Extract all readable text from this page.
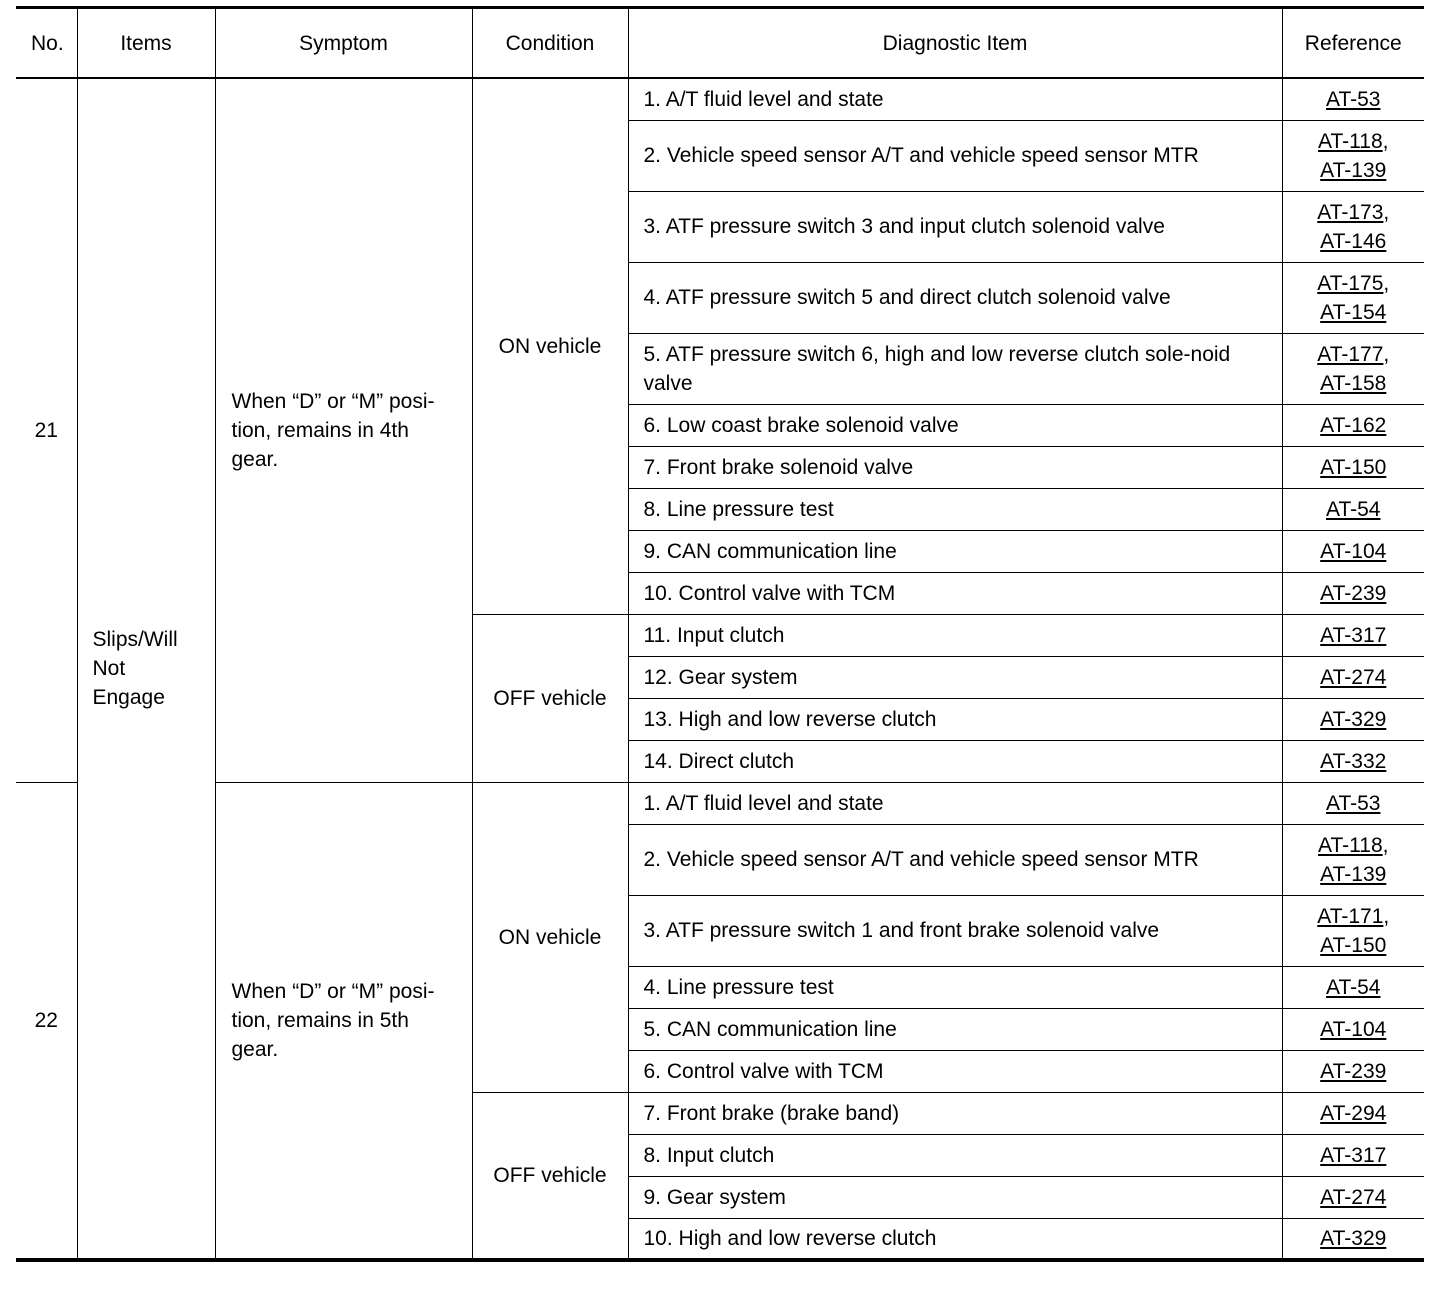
No.	Items	Symptom	Condition	Diagnostic Item	Reference
21	Slips/Will Not Engage	When “D” or “M” posi-tion, remains in 4th gear.	ON vehicle	1. A/T fluid level and state	AT-53
				2. Vehicle speed sensor A/T and vehicle speed sensor MTR	AT-118,
AT-139
				3. ATF pressure switch 3 and input clutch solenoid valve	AT-173,
AT-146
				4. ATF pressure switch 5 and direct clutch solenoid valve	AT-175,
AT-154
				5. ATF pressure switch 6, high and low reverse clutch sole-noid valve	AT-177,
AT-158
				6. Low coast brake solenoid valve	AT-162
				7. Front brake solenoid valve	AT-150
				8. Line pressure test	AT-54
				9. CAN communication line	AT-104
				10. Control valve with TCM	AT-239
			OFF vehicle	11. Input clutch	AT-317
				12. Gear system	AT-274
				13. High and low reverse clutch	AT-329
				14. Direct clutch	AT-332
22		When “D” or “M” posi-tion, remains in 5th gear.	ON vehicle	1. A/T fluid level and state	AT-53
				2. Vehicle speed sensor A/T and vehicle speed sensor MTR	AT-118,
AT-139
				3. ATF pressure switch 1 and front brake solenoid valve	AT-171,
AT-150
				4. Line pressure test	AT-54
				5. CAN communication line	AT-104
				6. Control valve with TCM	AT-239
			OFF vehicle	7. Front brake (brake band)	AT-294
				8. Input clutch	AT-317
				9. Gear system	AT-274
				10. High and low reverse clutch	AT-329
